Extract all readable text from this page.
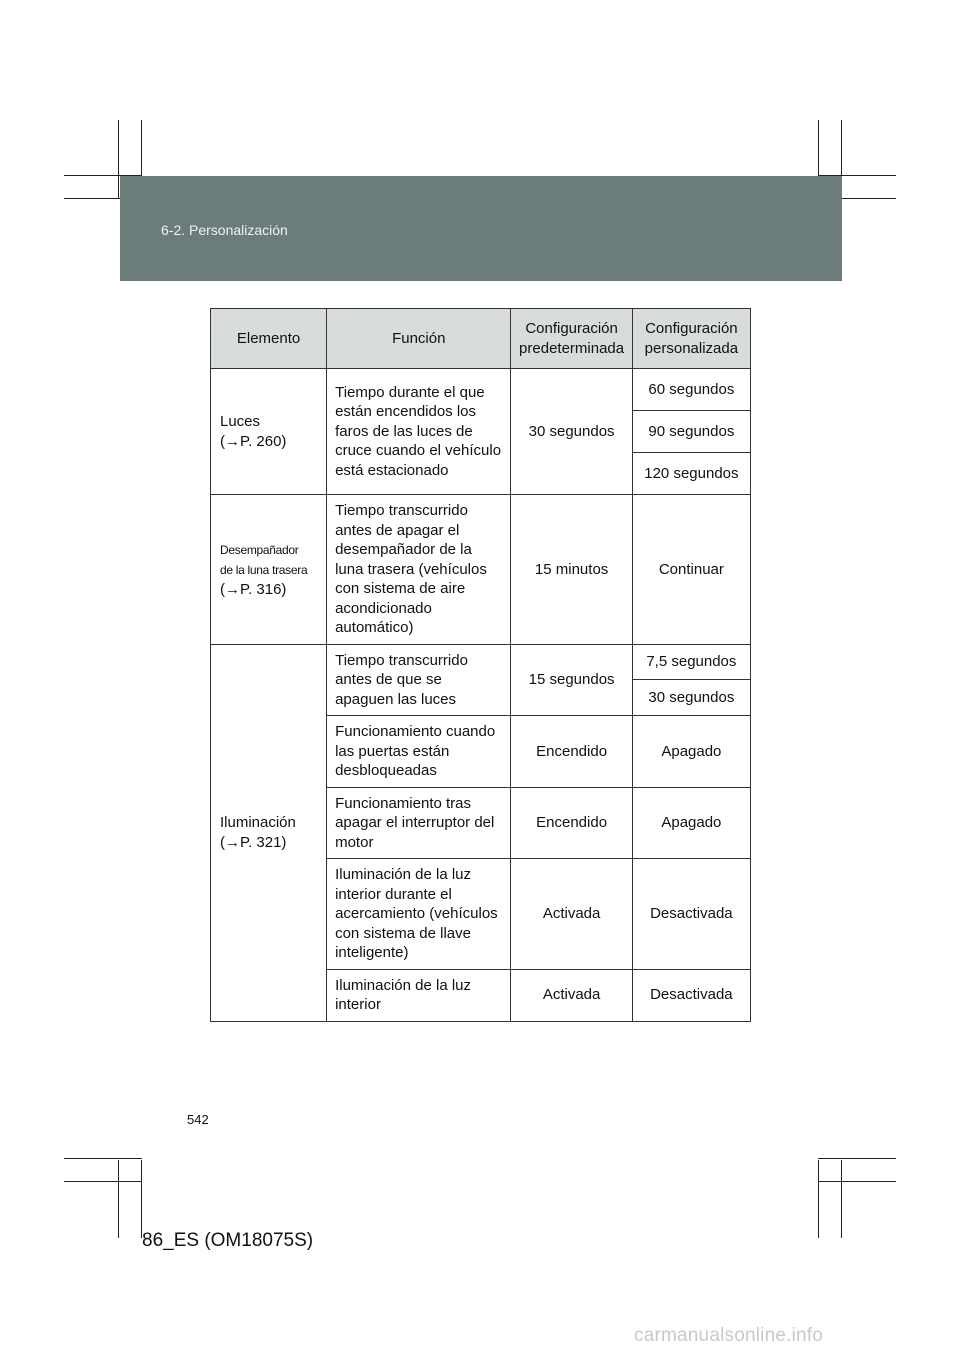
6-2. Personalización
Elemento	Función	Configuración predeterminada	Configuración personalizada

Luces
(→P. 260)	Tiempo durante el que están encendidos los faros de las luces de cruce cuando el vehículo está estacionado	30 segundos	60 segundos
			90 segundos
			120 segundos

Desempañador de la luna trasera
(→P. 316)	Tiempo transcurrido antes de apagar el desempañador de la luna trasera (vehículos con sistema de aire acondicionado automático)	15 minutos	Continuar

Iluminación
(→P. 321)	Tiempo transcurrido antes de que se apaguen las luces	15 segundos	7,5 segundos
			30 segundos
	Funcionamiento cuando las puertas están desbloqueadas	Encendido	Apagado
	Funcionamiento tras apagar el interruptor del motor	Encendido	Apagado
	Iluminación de la luz interior durante el acercamiento (vehículos con sistema de llave inteligente)	Activada	Desactivada
	Iluminación de la luz interior	Activada	Desactivada
542
86_ES (OM18075S)
carmanualsonline.info
